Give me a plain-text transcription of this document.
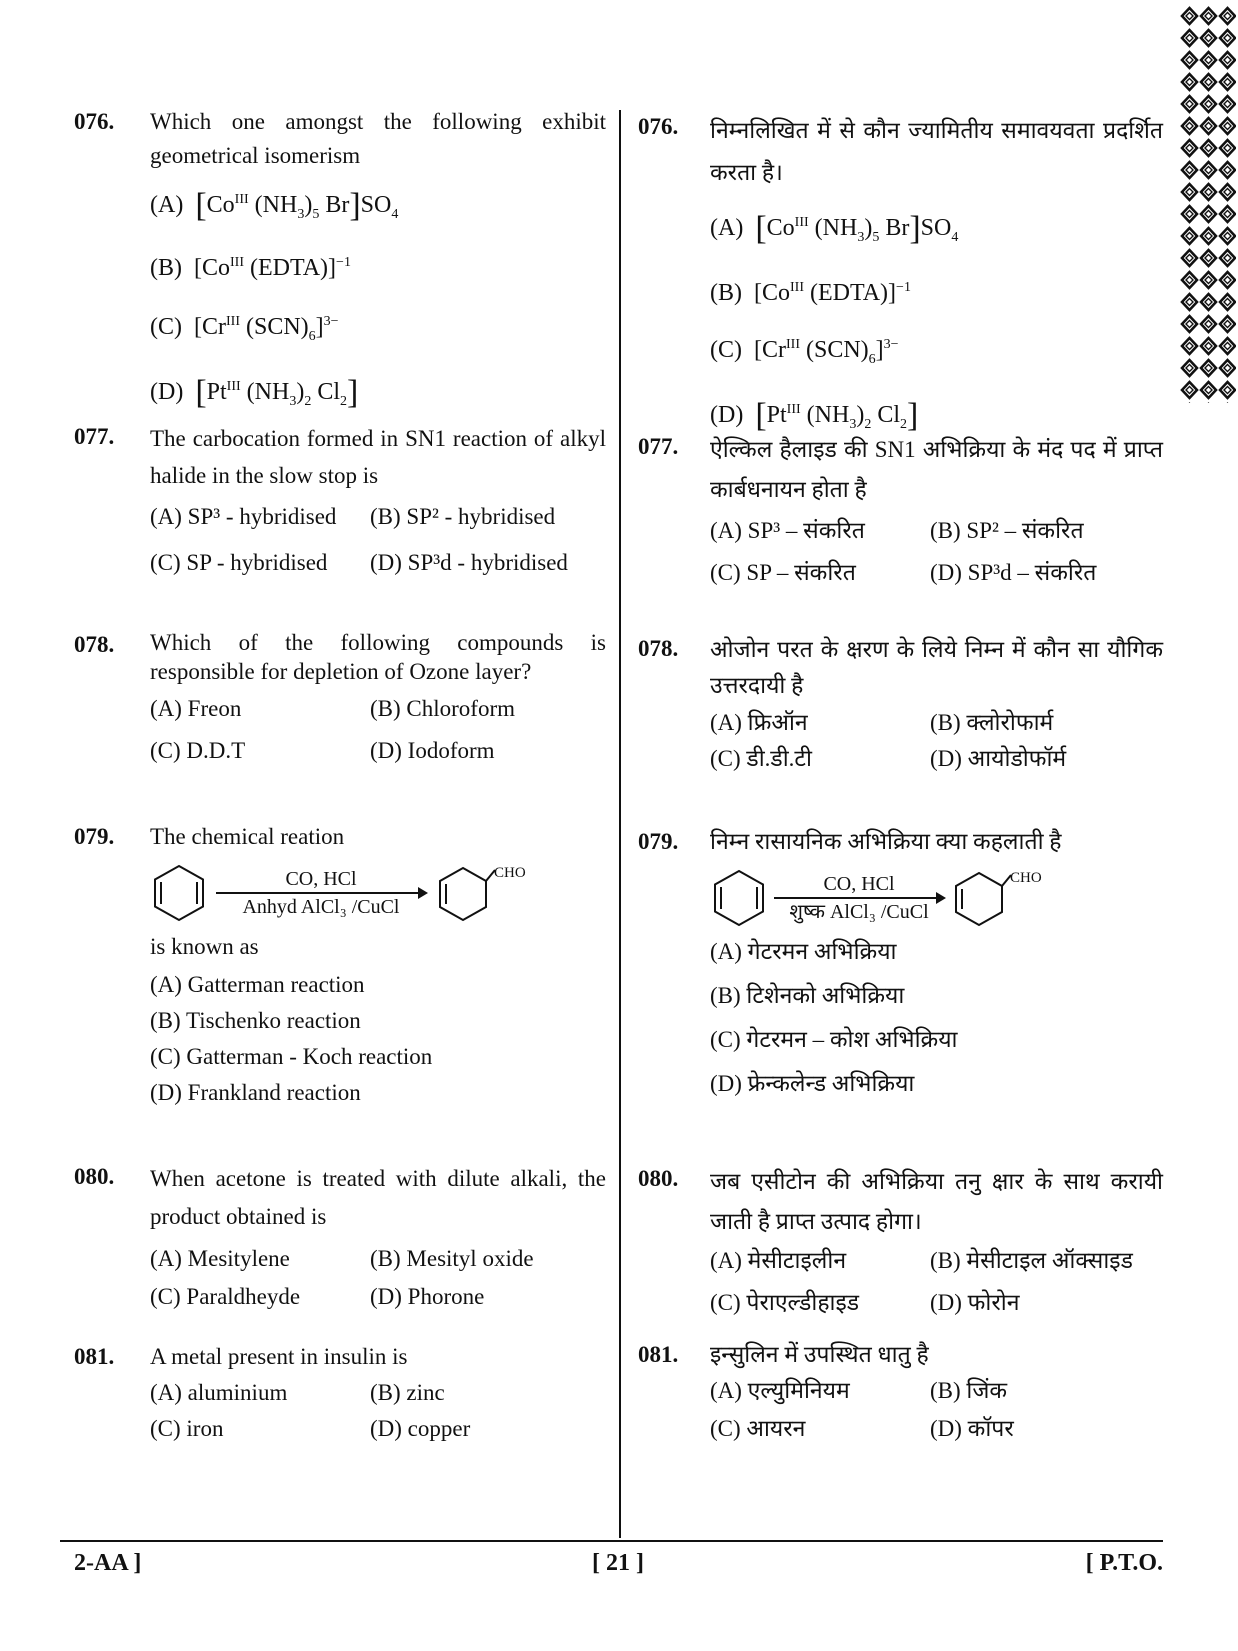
076. Which one amongst the following exhibit geometrical isomerism
(A) [$Co^{III}$ $(NH_3)_5$ $Br]SO_4$
(B)  [$Co^{III}$ (EDTA)]$^{-1}$
(C)  [$Cr^{III}$ $(SCN)_6]^{3-}$
(D) [$Pt^{III}$ $(NH_3)_2$ $Cl_2$]
077. The carbocation formed in SN1 reaction of alkyl halide in the slow stop is
(A) SP³ - hybridised	(B) SP² - hybridised
(C) SP - hybridised	(D) SP³d - hybridised
078. Which of the following compounds is responsible for depletion of Ozone layer?
(A) Freon	(B) Chloroform
(C) D.D.T	(D) Iodoform
079. The chemical reation
CO, HCl
Anhyd AlCl₃ /CuCl
CHO
is known as
(A) Gatterman reaction
(B) Tischenko reaction
(C) Gatterman - Koch reaction
(D) Frankland reaction
080. When acetone is treated with dilute alkali, the product obtained is
(A) Mesitylene	(B) Mesityl oxide
(C) Paraldheyde	(D) Phorone
081. A metal present in insulin is
(A) aluminium	(B) zinc
(C) iron	(D) copper
076. निम्नलिखित में से कौन ज्यामितीय समावयवता प्रदर्शित करता है।
(A) [$Co^{III}$ $(NH_3)_5$ $Br]SO_4$
(B)  [$Co^{III}$ (EDTA)]$^{-1}$
(C)  [$Cr^{III}$ $(SCN)_6]^{3-}$
(D) [$Pt^{III}$ $(NH_3)_2$ $Cl_2$]
077. ऐल्किल हैलाइड की SN1 अभिक्रिया के मंद पद में प्राप्त कार्बधनायन होता है
(A) SP³ – संकरित	(B) SP² – संकरित
(C) SP – संकरित	(D) SP³d – संकरित
078. ओजोन परत के क्षरण के लिये निम्न में कौन सा यौगिक उत्तरदायी है
(A) फ्रिऑन	(B) क्लोरोफार्म
(C) डी.डी.टी	(D) आयोडोफॉर्म
079. निम्न रासायनिक अभिक्रिया क्या कहलाती है
CO, HCl
शुष्क AlCl₃ /CuCl
CHO
(A) गेटरमन अभिक्रिया
(B) टिशेनको अभिक्रिया
(C) गेटरमन – कोश अभिक्रिया
(D) फ्रेन्कलेन्ड अभिक्रिया
080. जब एसीटोन की अभिक्रिया तनु क्षार के साथ करायी जाती है प्राप्त उत्पाद होगा।
(A) मेसीटाइलीन	(B) मेसीटाइल ऑक्साइड
(C) पेराएल्डीहाइड	(D) फोरोन
081. इन्सुलिन में उपस्थित धातु है
(A) एल्युमिनियम	(B) जिंक
(C) आयरन	(D) कॉपर
2-AA ]	[ 21 ]	[ P.T.O.
